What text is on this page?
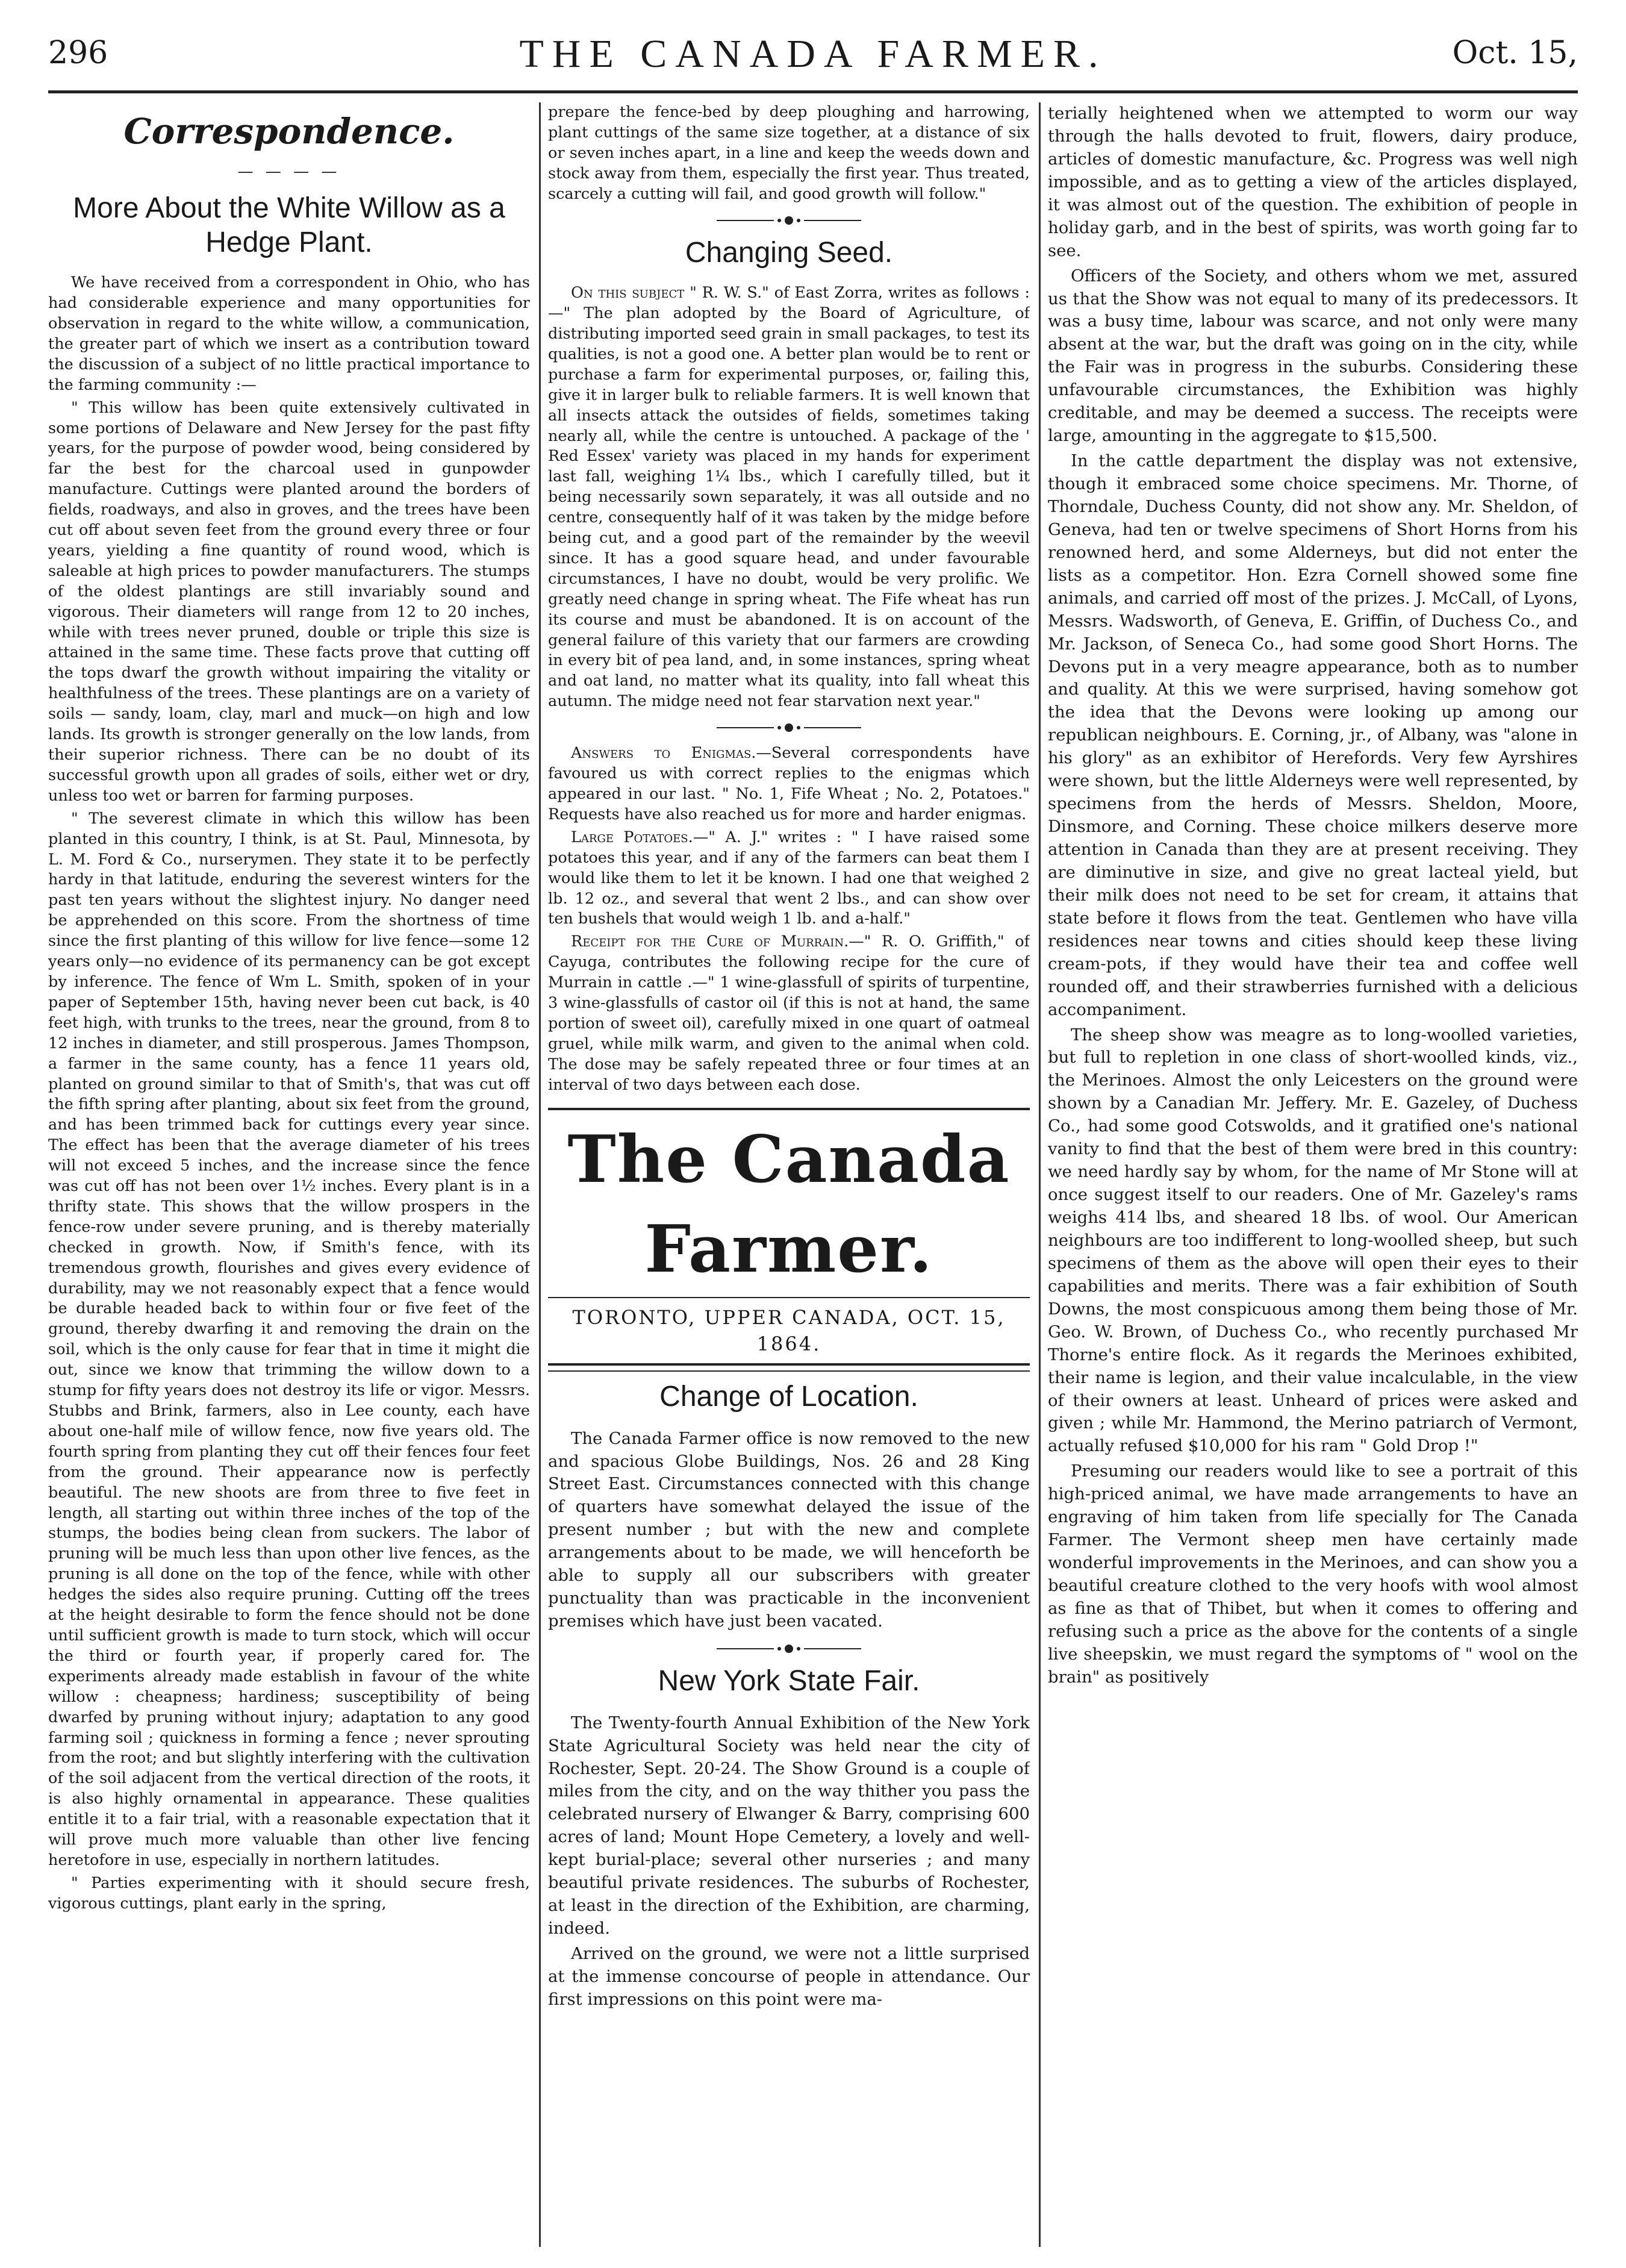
296	THE CANADA FARMER.	Oct. 15,
Correspondence.
— — — —
More About the White Willow as a Hedge Plant.

We have received from a correspondent in Ohio, who has had considerable experience and many opportunities for observation in regard to the white willow, a communication, the greater part of which we insert as a contribution toward the discussion of a subject of no little practical importance to the farming community :—

" This willow has been quite extensively cultivated in some portions of Delaware and New Jersey for the past fifty years, for the purpose of powder wood, being considered by far the best for the charcoal used in gunpowder manufacture. Cuttings were planted around the borders of fields, roadways, and also in groves, and the trees have been cut off about seven feet from the ground every three or four years, yielding a fine quantity of round wood, which is saleable at high prices to powder manufacturers. The stumps of the oldest plantings are still invariably sound and vigorous. Their diameters will range from 12 to 20 inches, while with trees never pruned, double or triple this size is attained in the same time. These facts prove that cutting off the tops dwarf the growth without impairing the vitality or healthfulness of the trees. These plantings are on a variety of soils — sandy, loam, clay, marl and muck—on high and low lands. Its growth is stronger generally on the low lands, from their superior richness. There can be no doubt of its successful growth upon all grades of soils, either wet or dry, unless too wet or barren for farming purposes.

" The severest climate in which this willow has been planted in this country, I think, is at St. Paul, Minnesota, by L. M. Ford & Co., nurserymen. They state it to be perfectly hardy in that latitude, enduring the severest winters for the past ten years without the slightest injury. No danger need be apprehended on this score. From the shortness of time since the first planting of this willow for live fence—some 12 years only—no evidence of its permanency can be got except by inference. The fence of Wm L. Smith, spoken of in your paper of September 15th, having never been cut back, is 40 feet high, with trunks to the trees, near the ground, from 8 to 12 inches in diameter, and still prosperous. James Thompson, a farmer in the same county, has a fence 11 years old, planted on ground similar to that of Smith's, that was cut off the fifth spring after planting, about six feet from the ground, and has been trimmed back for cuttings every year since. The effect has been that the average diameter of his trees will not exceed 5 inches, and the increase since the fence was cut off has not been over 1½ inches. Every plant is in a thrifty state. This shows that the willow prospers in the fence-row under severe pruning, and is thereby materially checked in growth. Now, if Smith's fence, with its tremendous growth, flourishes and gives every evidence of durability, may we not reasonably expect that a fence would be durable headed back to within four or five feet of the ground, thereby dwarfing it and removing the drain on the soil, which is the only cause for fear that in time it might die out, since we know that trimming the willow down to a stump for fifty years does not destroy its life or vigor. Messrs. Stubbs and Brink, farmers, also in Lee county, each have about one-half mile of willow fence, now five years old. The fourth spring from planting they cut off their fences four feet from the ground. Their appearance now is perfectly beautiful. The new shoots are from three to five feet in length, all starting out within three inches of the top of the stumps, the bodies being clean from suckers. The labor of pruning will be much less than upon other live fences, as the pruning is all done on the top of the fence, while with other hedges the sides also require pruning. Cutting off the trees at the height desirable to form the fence should not be done until sufficient growth is made to turn stock, which will occur the third or fourth year, if properly cared for. The experiments already made establish in favour of the white willow : cheapness; hardiness; susceptibility of being dwarfed by pruning without injury; adaptation to any good farming soil ; quickness in forming a fence ; never sprouting from the root; and but slightly interfering with the cultivation of the soil adjacent from the vertical direction of the roots, it is also highly ornamental in appearance. These qualities entitle it to a fair trial, with a reasonable expectation that it will prove much more valuable than other live fencing heretofore in use, especially in northern latitudes.

" Parties experimenting with it should secure fresh, vigorous cuttings, plant early in the spring,

prepare the fence-bed by deep ploughing and harrowing, plant cuttings of the same size together, at a distance of six or seven inches apart, in a line and keep the weeds down and stock away from them, especially the first year. Thus treated, scarcely a cutting will fail, and good growth will follow."

Changing Seed.

On this subject " R. W. S." of East Zorra, writes as follows :—" The plan adopted by the Board of Agriculture, of distributing imported seed grain in small packages, to test its qualities, is not a good one. A better plan would be to rent or purchase a farm for experimental purposes, or, failing this, give it in larger bulk to reliable farmers. It is well known that all insects attack the outsides of fields, sometimes taking nearly all, while the centre is untouched. A package of the ' Red Essex' variety was placed in my hands for experiment last fall, weighing 1¼ lbs., which I carefully tilled, but it being necessarily sown separately, it was all outside and no centre, consequently half of it was taken by the midge before being cut, and a good part of the remainder by the weevil since. It has a good square head, and under favourable circumstances, I have no doubt, would be very prolific. We greatly need change in spring wheat. The Fife wheat has run its course and must be abandoned. It is on account of the general failure of this variety that our farmers are crowding in every bit of pea land, and, in some instances, spring wheat and oat land, no matter what its quality, into fall wheat this autumn. The midge need not fear starvation next year."

Answers to Enigmas.—Several correspondents have favoured us with correct replies to the enigmas which appeared in our last. " No. 1, Fife Wheat ; No. 2, Potatoes." Requests have also reached us for more and harder enigmas.

Large Potatoes.—" A. J." writes : " I have raised some potatoes this year, and if any of the farmers can beat them I would like them to let it be known. I had one that weighed 2 lb. 12 oz., and several that went 2 lbs., and can show over ten bushels that would weigh 1 lb. and a-half."

Receipt for the Cure of Murrain.—" R. O. Griffith," of Cayuga, contributes the following recipe for the cure of Murrain in cattle .—" 1 wine-glassfull of spirits of turpentine, 3 wine-glassfulls of castor oil (if this is not at hand, the same portion of sweet oil), carefully mixed in one quart of oatmeal gruel, while milk warm, and given to the animal when cold. The dose may be safely repeated three or four times at an interval of two days between each dose.

The Canada Farmer.
TORONTO, UPPER CANADA, OCT. 15, 1864.
Change of Location.

The Canada Farmer office is now removed to the new and spacious Globe Buildings, Nos. 26 and 28 King Street East. Circumstances connected with this change of quarters have somewhat delayed the issue of the present number ; but with the new and complete arrangements about to be made, we will henceforth be able to supply all our subscribers with greater punctuality than was practicable in the inconvenient premises which have just been vacated.

New York State Fair.

The Twenty-fourth Annual Exhibition of the New York State Agricultural Society was held near the city of Rochester, Sept. 20-24. The Show Ground is a couple of miles from the city, and on the way thither you pass the celebrated nursery of Elwanger & Barry, comprising 600 acres of land; Mount Hope Cemetery, a lovely and well-kept burial-place; several other nurseries ; and many beautiful private residences. The suburbs of Rochester, at least in the direction of the Exhibition, are charming, indeed.

Arrived on the ground, we were not a little surprised at the immense concourse of people in attendance. Our first impressions on this point were ma-

terially heightened when we attempted to worm our way through the halls devoted to fruit, flowers, dairy produce, articles of domestic manufacture, &c. Progress was well nigh impossible, and as to getting a view of the articles displayed, it was almost out of the question. The exhibition of people in holiday garb, and in the best of spirits, was worth going far to see.

Officers of the Society, and others whom we met, assured us that the Show was not equal to many of its predecessors. It was a busy time, labour was scarce, and not only were many absent at the war, but the draft was going on in the city, while the Fair was in progress in the suburbs. Considering these unfavourable circumstances, the Exhibition was highly creditable, and may be deemed a success. The receipts were large, amounting in the aggregate to $15,500.

In the cattle department the display was not extensive, though it embraced some choice specimens. Mr. Thorne, of Thorndale, Duchess County, did not show any. Mr. Sheldon, of Geneva, had ten or twelve specimens of Short Horns from his renowned herd, and some Alderneys, but did not enter the lists as a competitor. Hon. Ezra Cornell showed some fine animals, and carried off most of the prizes. J. McCall, of Lyons, Messrs. Wadsworth, of Geneva, E. Griffin, of Duchess Co., and Mr. Jackson, of Seneca Co., had some good Short Horns. The Devons put in a very meagre appearance, both as to number and quality. At this we were surprised, having somehow got the idea that the Devons were looking up among our republican neighbours. E. Corning, jr., of Albany, was "alone in his glory" as an exhibitor of Herefords. Very few Ayrshires were shown, but the little Alderneys were well represented, by specimens from the herds of Messrs. Sheldon, Moore, Dinsmore, and Corning. These choice milkers deserve more attention in Canada than they are at present receiving. They are diminutive in size, and give no great lacteal yield, but their milk does not need to be set for cream, it attains that state before it flows from the teat. Gentlemen who have villa residences near towns and cities should keep these living cream-pots, if they would have their tea and coffee well rounded off, and their strawberries furnished with a delicious accompaniment.

The sheep show was meagre as to long-woolled varieties, but full to repletion in one class of short-woolled kinds, viz., the Merinoes. Almost the only Leicesters on the ground were shown by a Canadian Mr. Jeffery. Mr. E. Gazeley, of Duchess Co., had some good Cotswolds, and it gratified one's national vanity to find that the best of them were bred in this country: we need hardly say by whom, for the name of Mr Stone will at once suggest itself to our readers. One of Mr. Gazeley's rams weighs 414 lbs, and sheared 18 lbs. of wool. Our American neighbours are too indifferent to long-woolled sheep, but such specimens of them as the above will open their eyes to their capabilities and merits. There was a fair exhibition of South Downs, the most conspicuous among them being those of Mr. Geo. W. Brown, of Duchess Co., who recently purchased Mr Thorne's entire flock. As it regards the Merinoes exhibited, their name is legion, and their value incalculable, in the view of their owners at least. Unheard of prices were asked and given ; while Mr. Hammond, the Merino patriarch of Vermont, actually refused $10,000 for his ram " Gold Drop !"

Presuming our readers would like to see a portrait of this high-priced animal, we have made arrangements to have an engraving of him taken from life specially for The Canada Farmer. The Vermont sheep men have certainly made wonderful improvements in the Merinoes, and can show you a beautiful creature clothed to the very hoofs with wool almost as fine as that of Thibet, but when it comes to offering and refusing such a price as the above for the contents of a single live sheepskin, we must regard the symptoms of " wool on the brain" as positively
